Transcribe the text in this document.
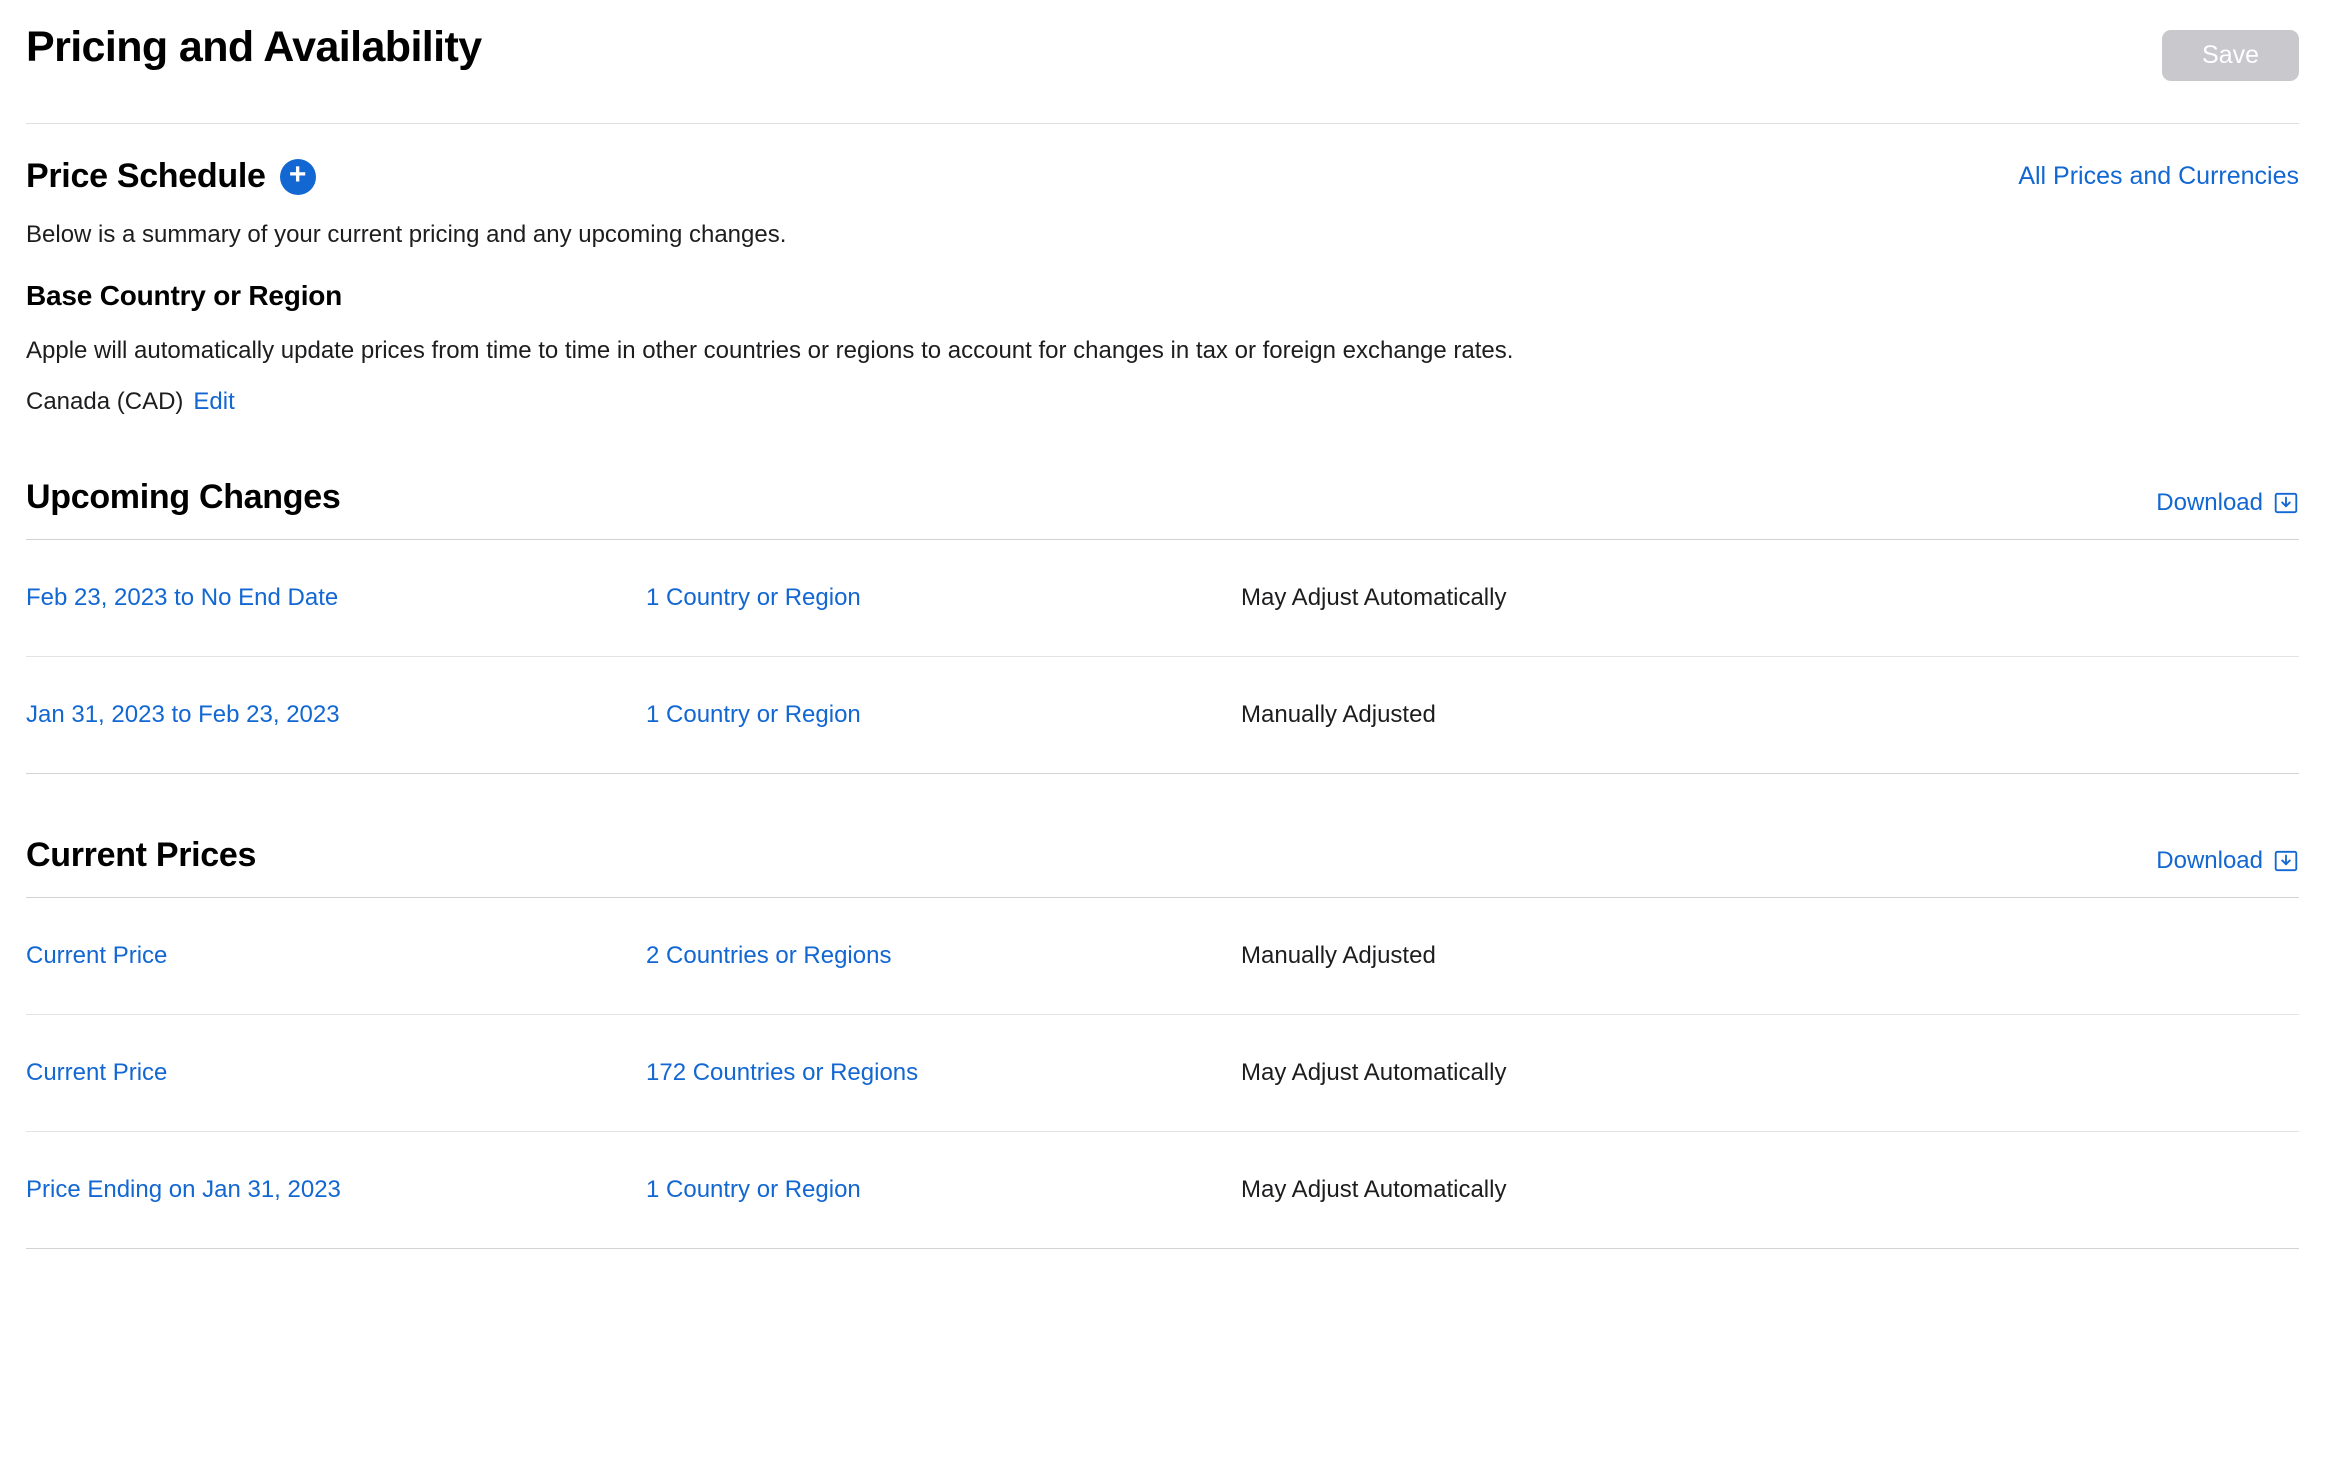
Pricing and Availability	Save
Price Schedule +	All Prices and Currencies

Below is a summary of your current pricing and any upcoming changes.

Base Country or Region

Apple will automatically update prices from time to time in other countries or regions to account for changes in tax or foreign exchange rates.

Canada (CAD) Edit
Upcoming Changes	Download
Feb 23, 2023 to No End Date	1 Country or Region	May Adjust Automatically
Jan 31, 2023 to Feb 23, 2023	1 Country or Region	Manually Adjusted
Current Prices	Download
Current Price	2 Countries or Regions	Manually Adjusted
Current Price	172 Countries or Regions	May Adjust Automatically
Price Ending on Jan 31, 2023	1 Country or Region	May Adjust Automatically
